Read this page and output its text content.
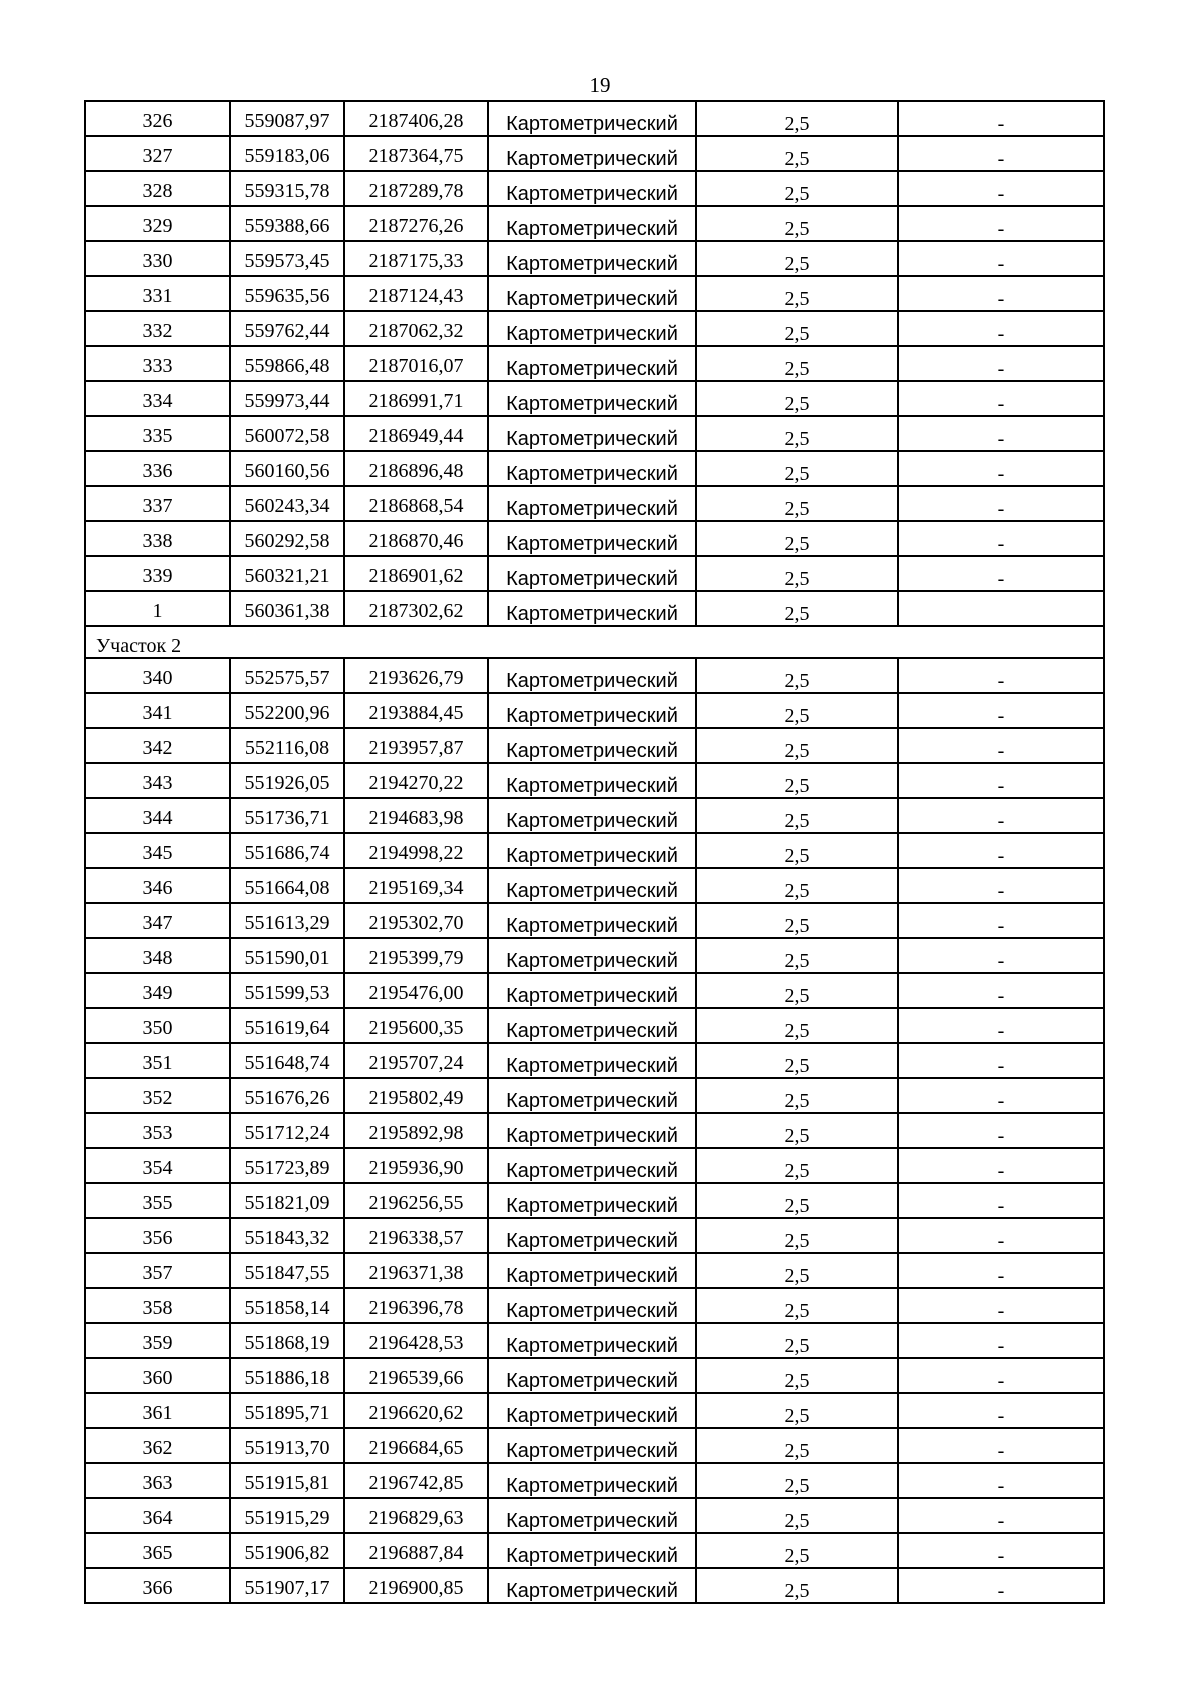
19
326	559087,97	2187406,28	Картометрический	2,5	-
327	559183,06	2187364,75	Картометрический	2,5	-
328	559315,78	2187289,78	Картометрический	2,5	-
329	559388,66	2187276,26	Картометрический	2,5	-
330	559573,45	2187175,33	Картометрический	2,5	-
331	559635,56	2187124,43	Картометрический	2,5	-
332	559762,44	2187062,32	Картометрический	2,5	-
333	559866,48	2187016,07	Картометрический	2,5	-
334	559973,44	2186991,71	Картометрический	2,5	-
335	560072,58	2186949,44	Картометрический	2,5	-
336	560160,56	2186896,48	Картометрический	2,5	-
337	560243,34	2186868,54	Картометрический	2,5	-
338	560292,58	2186870,46	Картометрический	2,5	-
339	560321,21	2186901,62	Картометрический	2,5	-
1	560361,38	2187302,62	Картометрический	2,5	
Участок 2					
340	552575,57	2193626,79	Картометрический	2,5	-
341	552200,96	2193884,45	Картометрический	2,5	-
342	552116,08	2193957,87	Картометрический	2,5	-
343	551926,05	2194270,22	Картометрический	2,5	-
344	551736,71	2194683,98	Картометрический	2,5	-
345	551686,74	2194998,22	Картометрический	2,5	-
346	551664,08	2195169,34	Картометрический	2,5	-
347	551613,29	2195302,70	Картометрический	2,5	-
348	551590,01	2195399,79	Картометрический	2,5	-
349	551599,53	2195476,00	Картометрический	2,5	-
350	551619,64	2195600,35	Картометрический	2,5	-
351	551648,74	2195707,24	Картометрический	2,5	-
352	551676,26	2195802,49	Картометрический	2,5	-
353	551712,24	2195892,98	Картометрический	2,5	-
354	551723,89	2195936,90	Картометрический	2,5	-
355	551821,09	2196256,55	Картометрический	2,5	-
356	551843,32	2196338,57	Картометрический	2,5	-
357	551847,55	2196371,38	Картометрический	2,5	-
358	551858,14	2196396,78	Картометрический	2,5	-
359	551868,19	2196428,53	Картометрический	2,5	-
360	551886,18	2196539,66	Картометрический	2,5	-
361	551895,71	2196620,62	Картометрический	2,5	-
362	551913,70	2196684,65	Картометрический	2,5	-
363	551915,81	2196742,85	Картометрический	2,5	-
364	551915,29	2196829,63	Картометрический	2,5	-
365	551906,82	2196887,84	Картометрический	2,5	-
366	551907,17	2196900,85	Картометрический	2,5	-
